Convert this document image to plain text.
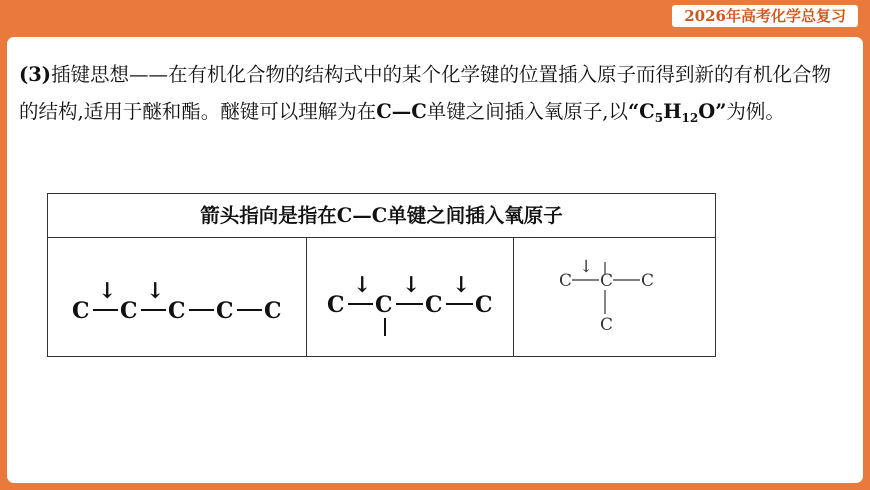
2026年高考化学总复习
(3)插键思想——在有机化合物的结构式中的某个化学键的位置插入原子而得到新的有机化合物的结构,适用于醚和酯。醚键可以理解为在C—C单键之间插入氧原子,以“$C_5H_{12}O$”为例。
箭头指向是指在C—C单键之间插入氧原子
C C C C C
↓ ↓
C C C C
↓ ↓ ↓	C C C
C
↓
